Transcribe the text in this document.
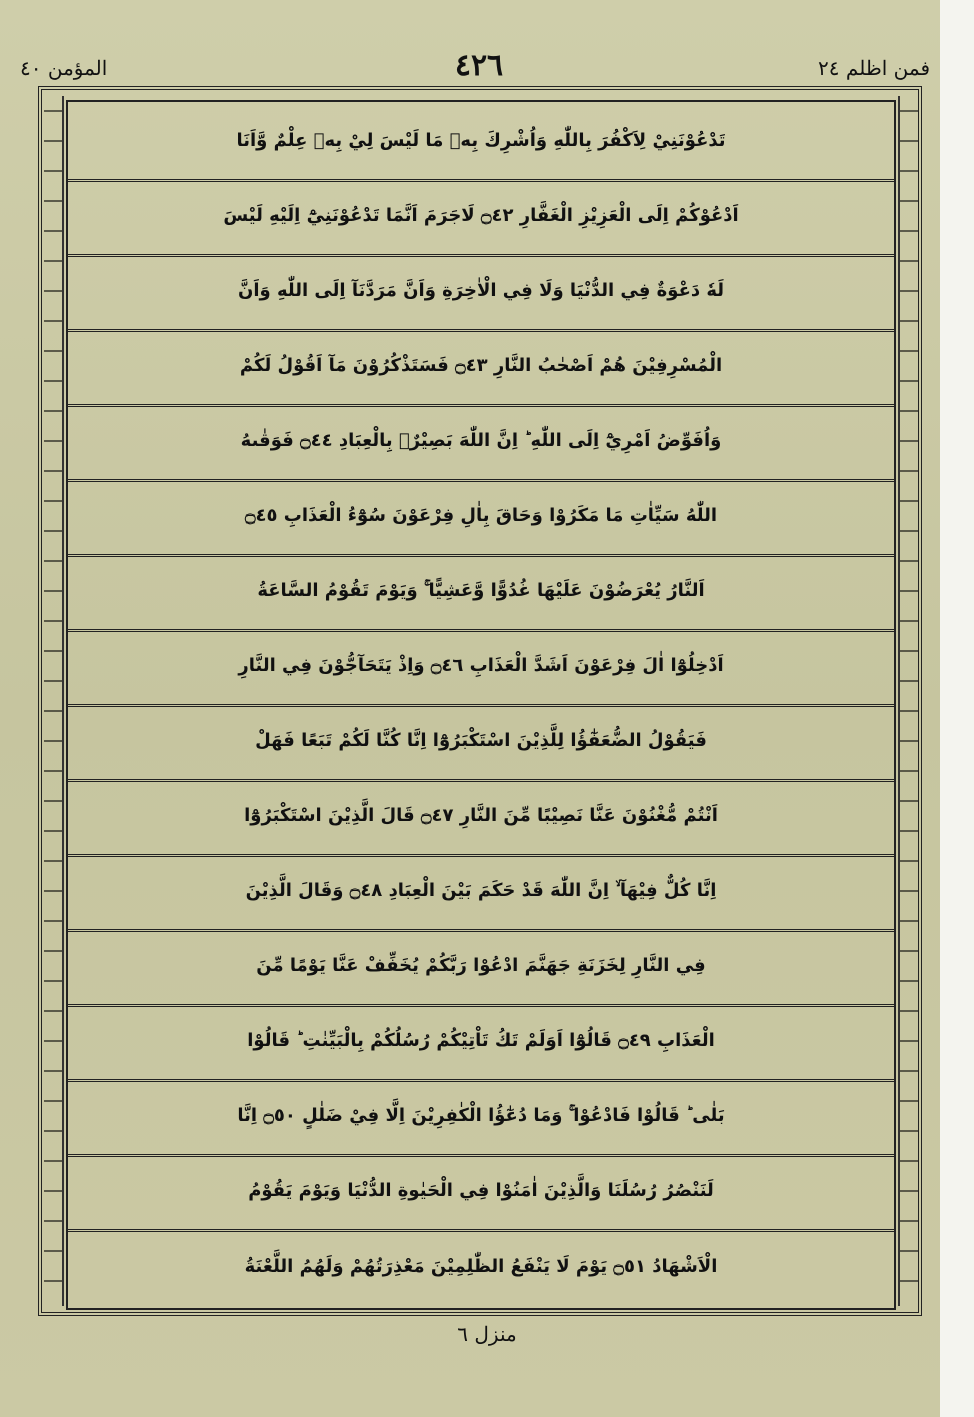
المؤمن ٤٠	٤٢٦	فمن اظلم ٢٤
تَدْعُوْنَنِيْ لِاَكْفُرَ بِاللّٰهِ وَاُشْرِكَ بِهٖ مَا لَيْسَ لِيْ بِهٖ عِلْمٌ وَّاَنَا
اَدْعُوْكُمْ اِلَى الْعَزِيْزِ الْغَفَّارِ ۝٤٢ لَاجَرَمَ اَنَّمَا تَدْعُوْنَنِيْٓ اِلَيْهِ لَيْسَ
لَهٗ دَعْوَةٌ فِي الدُّنْيَا وَلَا فِي الْاٰخِرَةِ وَاَنَّ مَرَدَّنَآ اِلَى اللّٰهِ وَاَنَّ
الْمُسْرِفِيْنَ هُمْ اَصْحٰبُ النَّارِ ۝٤٣ فَسَتَذْكُرُوْنَ مَآ اَقُوْلُ لَكُمْ
وَاُفَوِّضُ اَمْرِيْٓ اِلَى اللّٰهِ ؕ اِنَّ اللّٰهَ بَصِيْرٌۢ بِالْعِبَادِ ۝٤٤ فَوَقٰىهُ
اللّٰهُ سَيِّاٰتِ مَا مَكَرُوْا وَحَاقَ بِاٰلِ فِرْعَوْنَ سُوْٓءُ الْعَذَابِ ۝٤٥
اَلنَّارُ يُعْرَضُوْنَ عَلَيْهَا غُدُوًّا وَّعَشِيًّا ۚ وَيَوْمَ تَقُوْمُ السَّاعَةُ
اَدْخِلُوْٓا اٰلَ فِرْعَوْنَ اَشَدَّ الْعَذَابِ ۝٤٦ وَاِذْ يَتَحَآجُّوْنَ فِي النَّارِ
فَيَقُوْلُ الضُّعَفٰٓؤُا لِلَّذِيْنَ اسْتَكْبَرُوْٓا اِنَّا كُنَّا لَكُمْ تَبَعًا فَهَلْ
اَنْتُمْ مُّغْنُوْنَ عَنَّا نَصِيْبًا مِّنَ النَّارِ ۝٤٧ قَالَ الَّذِيْنَ اسْتَكْبَرُوْٓا
اِنَّا كُلٌّ فِيْهَآ ۙ اِنَّ اللّٰهَ قَدْ حَكَمَ بَيْنَ الْعِبَادِ ۝٤٨ وَقَالَ الَّذِيْنَ
فِي النَّارِ لِخَزَنَةِ جَهَنَّمَ ادْعُوْا رَبَّكُمْ يُخَفِّفْ عَنَّا يَوْمًا مِّنَ
الْعَذَابِ ۝٤٩ قَالُوْٓا اَوَلَمْ تَكُ تَاْتِيْكُمْ رُسُلُكُمْ بِالْبَيِّنٰتِ ؕ قَالُوْا
بَلٰى ؕ قَالُوْا فَادْعُوْا ۚ وَمَا دُعٰٓؤُا الْكٰفِرِيْنَ اِلَّا فِيْ ضَلٰلٍ ۝٥٠ اِنَّا
لَنَنْصُرُ رُسُلَنَا وَالَّذِيْنَ اٰمَنُوْا فِي الْحَيٰوةِ الدُّنْيَا وَيَوْمَ يَقُوْمُ
الْاَشْهَادُ ۝٥١ يَوْمَ لَا يَنْفَعُ الظّٰلِمِيْنَ مَعْذِرَتُهُمْ وَلَهُمُ اللَّعْنَةُ
منزل ٦
